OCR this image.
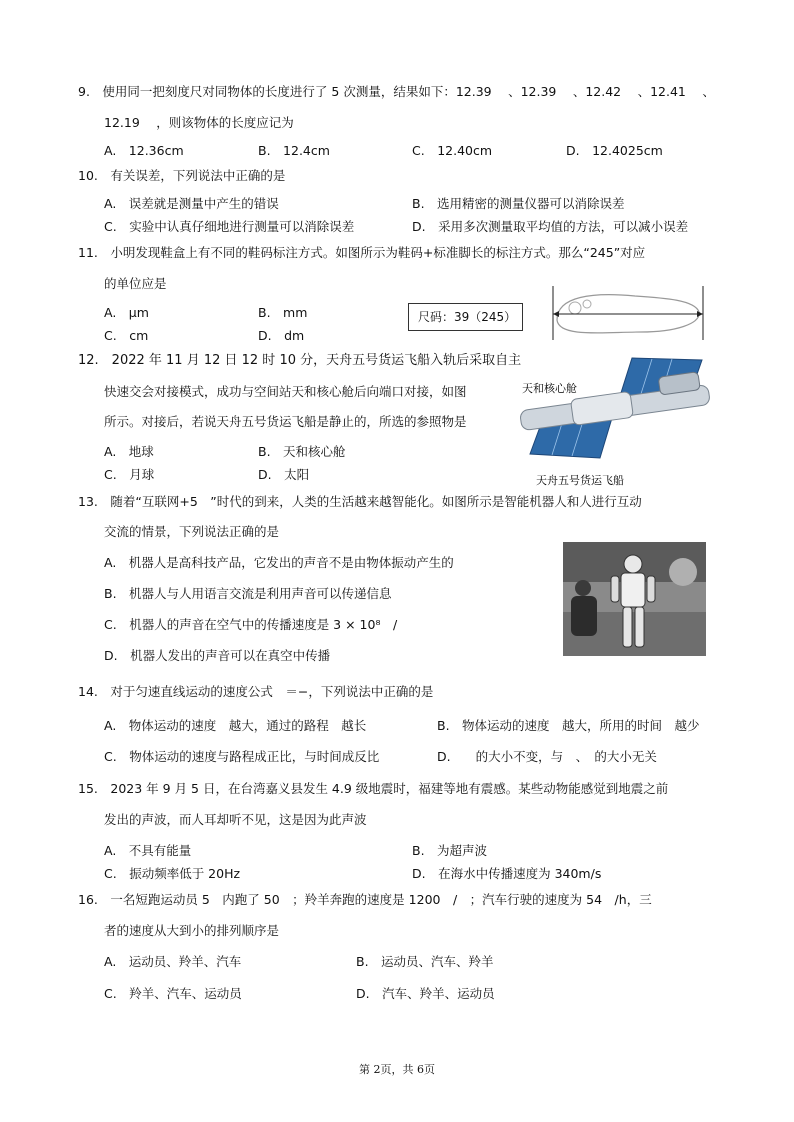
9.　使用同一把刻度尺对同物体的长度进行了 5 次测量，结果如下：12.39 　、12.39 　、12.42 　、12.41 　、
12.19 　，则该物体的长度应记为
A.　12.36cm	B.　12.4cm	C.　12.40cm	D.　12.4025cm
10.　有关误差，下列说法中正确的是
A.　误差就是测量中产生的错误	B.　选用精密的测量仪器可以消除误差
C.　实验中认真仔细地进行测量可以消除误差	D.　采用多次测量取平均值的方法，可以减小误差
11.　小明发现鞋盒上有不同的鞋码标注方式。如图所示为鞋码+标准脚长的标注方式。那么“245”对应
的单位应是
A.　μm	B.　mm
C.　cm	D.　dm
尺码：39（245）
12.　2022 年 11 月 12 日 12 时 10 分，天舟五号货运飞船入轨后采取自主
快速交会对接模式，成功与空间站天和核心舱后向端口对接，如图
所示。对接后，若说天舟五号货运飞船是静止的，所选的参照物是
A.　地球	B.　天和核心舱
C.　月球	D.　太阳
天和核心舱
天舟五号货运飞船
13.　随着“互联网+5　”时代的到来，人类的生活越来越智能化。如图所示是智能机器人和人进行互动
交流的情景，下列说法正确的是
A.　机器人是高科技产品，它发出的声音不是由物体振动产生的
B.　机器人与人用语言交流是利用声音可以传递信息
C.　机器人的声音在空气中的传播速度是 3 × 10⁸　/
D.　机器人发出的声音可以在真空中传播
14.　对于匀速直线运动的速度公式　＝−，下列说法中正确的是
A.　物体运动的速度　越大，通过的路程　越长	B.　物体运动的速度　越大，所用的时间　越少
C.　物体运动的速度与路程成正比，与时间成反比	D.　　的大小不变，与　、　的大小无关
15.　2023 年 9 月 5 日，在台湾嘉义县发生 4.9 级地震时，福建等地有震感。某些动物能感觉到地震之前
发出的声波，而人耳却听不见，这是因为此声波
A.　不具有能量	B.　为超声波
C.　振动频率低于 20Hz	D.　在海水中传播速度为 340m/s
16.　一名短跑运动员 5　内跑了 50　；羚羊奔跑的速度是 1200　/　；汽车行驶的速度为 54　/h，三
者的速度从大到小的排列顺序是
A.　运动员、羚羊、汽车	B.　运动员、汽车、羚羊
C.　羚羊、汽车、运动员	D.　汽车、羚羊、运动员
第 2页，共 6页
